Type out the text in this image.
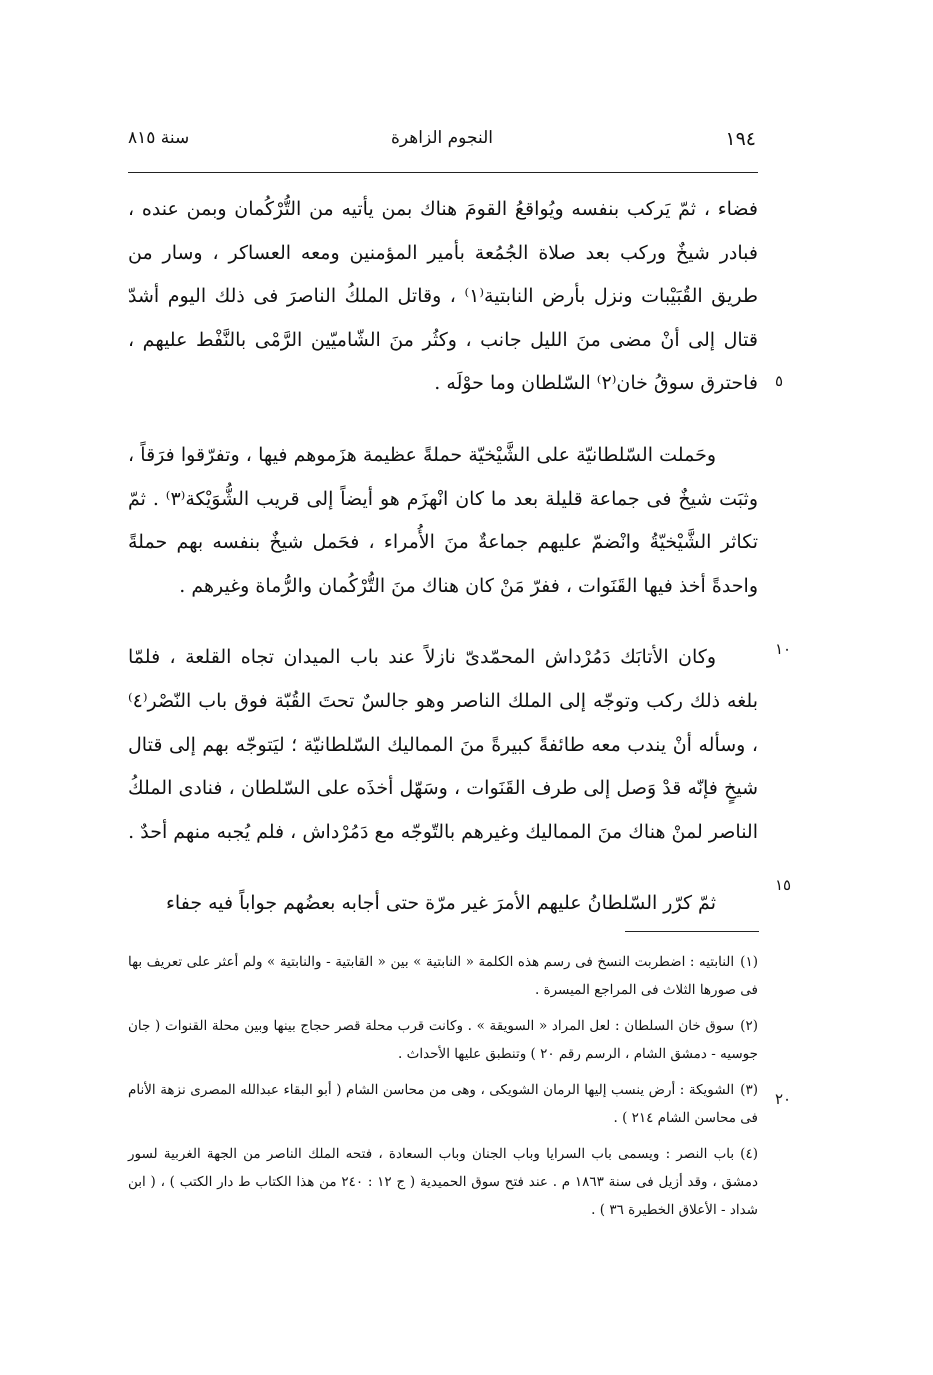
١٩٤
النجوم الزاهرة
سنة ٨١٥
٥
١٠
١٥
٢٠

فضاء ، ثمّ يَركب بنفسه ويُواقعُ القومَ هناك بمن يأتيه من التُّرْكُمان وبمن عنده ، فبادر شيخٌ وركب بعد صلاة الجُمُعة بأمير المؤمنين ومعه العساكر ، وسار من طريق القُبَيْبات ونزل بأرض النابتية⁽١⁾ ، وقاتل الملكُ الناصرَ فى ذلك اليوم أشدّ قتال إلى أنْ مضى منَ الليل جانب ، وكثُر منَ الشّاميّين الرَّمْى بالنَّفْط عليهم ، فاحترق سوقُ خان⁽٢⁾ السّلطان وما حوْلَه .

وحَملت السّلطانيّة على الشَّيْخيّة حملةً عظيمة هزَموهم فيها ، وتفرّقوا فرَقاً ، وثبَت شيخٌ فى جماعة قليلة بعد ما كان انْهزَم هو أيضاً إلى قريب الشُّوَيْكة⁽٣⁾ . ثمّ تكاثر الشَّيْخيّةُ وانْضمّ عليهم جماعةٌ منَ الأُمراء ، فحَمل شيخٌ بنفسه بهم حملةً واحدةً أخذ فيها القَنَوات ، ففرّ مَنْ كان هناك منَ التُّرْكُمان والرُّماة وغيرهم .

وكان الأتابَك دَمُرْداش المحمّدىّ نازلاً عند باب الميدان تجاه القلعة ، فلمّا بلغه ذلك ركب وتوجّه إلى الملك الناصر وهو جالسٌ تحتَ القُبّة فوق باب النّصْر⁽٤⁾ ، وسأله أنْ يندب معه طائفةً كبيرةً منَ المماليك السّلطانيّة ؛ ليَتوجّه بهم إلى قتال شيخٍ فإنّه قدْ وَصل إلى طرف القَنَوات ، وسَهّل أخذَه على السّلطان ، فنادى الملكُ الناصر لمنْ هناك منَ المماليك وغيرهم بالتّوجّه مع دَمُرْداش ، فلم يُجبه منهم أحدٌ .

ثمّ كرّر السّلطانُ عليهم الأمرَ غير مرّة حتى أجابه بعضُهم جواباً فيه جفاء

(١)النابتيه : اضطربت النسخ فى رسم هذه الكلمة « النابتية » بين « القابتية - والنابتية » ولم أعثر على تعريف بها فى صورها الثلاث فى المراجع الميسرة .

(٢)سوق خان السلطان : لعل المراد « السويقة » . وكانت قرب محلة قصر حجاج بينها وبين محلة القنوات ( جان جوسيه - دمشق الشام ، الرسم رقم ٢٠ ) وتنطبق عليها الأحداث .

(٣)الشويكة : أرض ينسب إليها الرمان الشويكى ، وهى من محاسن الشام ( أبو البقاء عبدالله المصرى نزهة الأنام فى محاسن الشام ٢١٤ ) .

(٤)باب النصر : ويسمى باب السرايا وباب الجنان وباب السعادة ، فتحه الملك الناصر من الجهة الغربية لسور دمشق ، وقد أزيل فى سنة ١٨٦٣ م . عند فتح سوق الحميدية ( ج ١٢ : ٢٤٠ من هذا الكتاب ط دار الكتب ) ، ( ابن شداد - الأعلاق الخطيرة ٣٦ ) .
